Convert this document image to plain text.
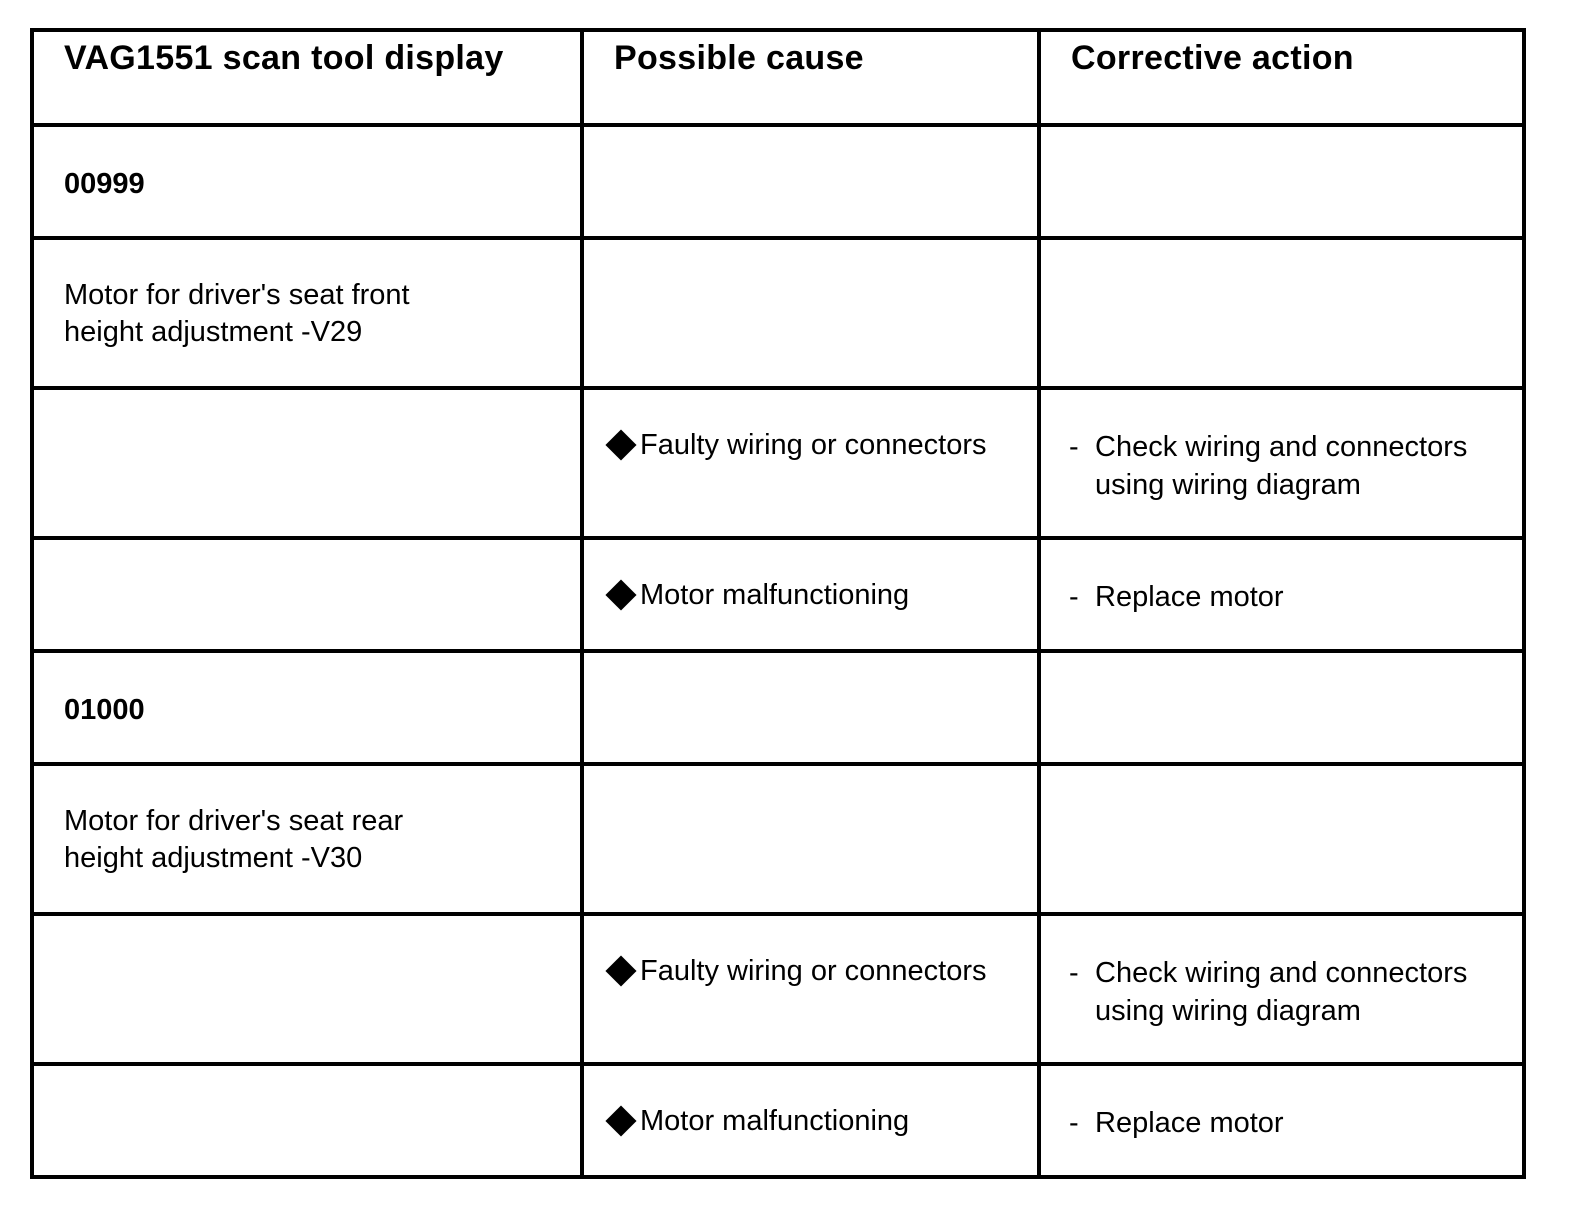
VAG1551 scan tool display	Possible cause	Corrective action

00999		

Motor for driver's seat front height adjustment -V29		

	Faulty wiring or connectors	- Check wiring and connectors using wiring diagram

	Motor malfunctioning	- Replace motor

01000		

Motor for driver's seat rear height adjustment -V30		

	Faulty wiring or connectors	- Check wiring and connectors using wiring diagram

	Motor malfunctioning	- Replace motor
